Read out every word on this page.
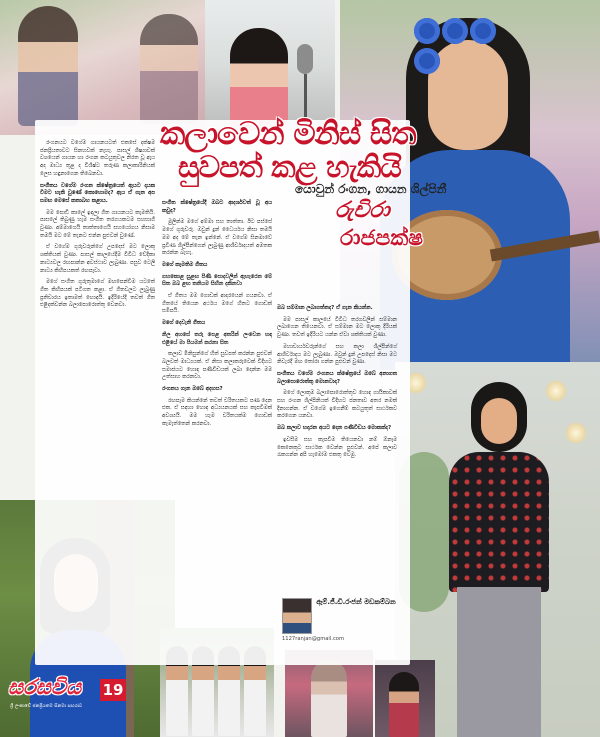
කලාවෙන් මිනිස් සිත
සුවපත් කළ හැකියි
යොවුන් රංගන, ගායන ශිල්පිනී
රුචිරා
රාජපක්ෂ

රංගනයට වගේම ගායනයටත් එකසේ දක්ෂම ජනප්‍රියතාවට සිනහවක් නැහැ. පාසල් ශිෂ්‍යාවක් වශයෙන් ගායන හා රංගන කටයුතුවල නිරත වූ ඇය අද මාධ්‍ය තුළ ද විශිෂ්ට තරුණ කලාකාරිනියක් ලෙස හඳුනාගෙන තිබෙනවා.

සංගීතය වගේම රංගන ක්ෂේත්‍රයෙත් ඇයට දායක වීමට හැකි වුණේ කොහොමද? ඇය ඒ ගැන අප සමඟ මෙසේ කතාබහ කළාය.

මම පොඩි කාලේ ඉඳලා ගීත ගායනයට කැමතියි. පාසලේ තිබුණු හැම සංගීත තරගයකටම සහභාගී වුණා. අම්මාගෙයි තාත්තාගෙයි සහයෝගය නිසාම තමයි මට මේ තැනට එන්න පුළුවන් වුණේ.

ඒ වගේම ගුරුවරුන්ගේ උපදෙස් මට ලොකු ශක්තියක් වුණා. පාසල් කාලයේදීම විවිධ වේදිකා නාට්‍යවල රඟපාන්න අවස්ථාව ලැබුණා. පසුව ටෙලි නාට්‍ය කිහිපයකත් රඟපෑවා.

මගේ සංගීත ගුරුතුමාගේ මඟපෙන්වීම යටතේ ගීත කිහිපයක් පටිගත කළා. ඒ ගීතවලට ලැබුණු ප්‍රතිචාරය ඉතාමත් හොඳයි. ඉදිරියේදී තවත් ගීත එළිදක්වන්න බලාපොරොත්තු වෙනවා.

සංගීත ක්ෂේත්‍රයේදී ඔබට ආදර්ශවත් වූ අය කවුද?

මුලින්ම මගේ අම්මා සහ තාත්තා. ඊට පස්සේ මගේ ගුරුවරු. ඔවුන් දුන් ධෛර්යය නිසා තමයි මම අද මේ තැන ඉන්නේ. ඒ වගේම සිනමාවේ ප්‍රවීණ ශිල්පීන්ගෙන් ලැබුණු ආශීර්වාදයත් අමතක කරන්න බැහැ.

මගේ කැමතිම ගීතය

ගහකොළ සුළඟ පිණි පොදවලින් ඇහැරෙන මේ සිත ඔබ ළඟ තනියම සිහින දකිනවා

ඒ ගීතය මම ගොඩක් ආදරයෙන් ගයනවා. ඒ ගීතයේ තියෙන අර්ථය මගේ හිතට ගොඩක් සමීපයි.

මගේ දෙවැනි ගීතය

නිල අහසේ තරු පෙළ අතරින් ලංවෙන හඳ එළියේ මා පියමන් කරනා සිත

කලාව මිනිසුන්ගේ හිත් සුවපත් කරන්න පුළුවන් බලවත් මාධ්‍යයක්. ඒ නිසා කලාකරුවෙක් විදිහට සමාජයට හොඳ පණිවිඩයක් ලබා දෙන්න මම උත්සාහ කරනවා.

රංගනය ගැන ඔබේ අදහස?

රඟපෑම කියන්නේ තවත් චරිතයකට පණ දෙන එක. ඒ සඳහා හොඳ අධ්‍යයනයක් සහ කැපවීමක් අවශ්‍යයි. මම හැම චරිතයක්ම ගොඩක් කැමැත්තෙන් කරනවා.

ඔබ සම්මාන ලබාගත්තද? ඒ ගැන කියන්න.

මම පාසල් කාලයේ විවිධ තරගවලින් සම්මාන ලබාගෙන තියෙනවා. ඒ සම්මාන මට ලොකු දිරියක් වුණා. තවත් ඉදිරියට යන්න ඒවා ශක්තියක් වුණා.

මහාචාර්යවරුන්ගේ සහ කලා ශිල්පීන්ගේ ආශීර්වාදය මට ලැබුණා. ඔවුන් දුන් උපදෙස් නිසා මට නිවැරදි මඟ තෝරා ගන්න පුළුවන් වුණා.

සංගීතය වගේම රංගනය ක්ෂේත්‍රයේ ඔබේ අනාගත බලාපොරොත්තු මොනවාද?

මගේ ලොකුම බලාපොරොත්තුව හොඳ ගායිකාවක් සහ රංගන ශිල්පිනියක් විදිහට ජනතාව අතර නමක් දිනාගන්න. ඒ වගේම ඉගෙනීම් කටයුතුත් සාර්ථකව කරගෙන යනවා.

ඔබ කලාව හදාරන අයට දෙන පණිවිඩය මොකක්ද?

ඉවසීම සහ කැපවීම තියෙනවා නම් ඕනෑම කෙනෙකුට සාර්ථක වෙන්න පුළුවන්. අපේ කලාව රැකගන්න අපි හැමෝම එකතු වෙමු.

ඇම්.ජී.ඩී.රංජන් මඩකම්බන
1127ranjan@gmail.com
සරසවිය 19
ශ්‍රී ලංකාවේ ජනප්‍රියතම සිනමා සඟරාව
